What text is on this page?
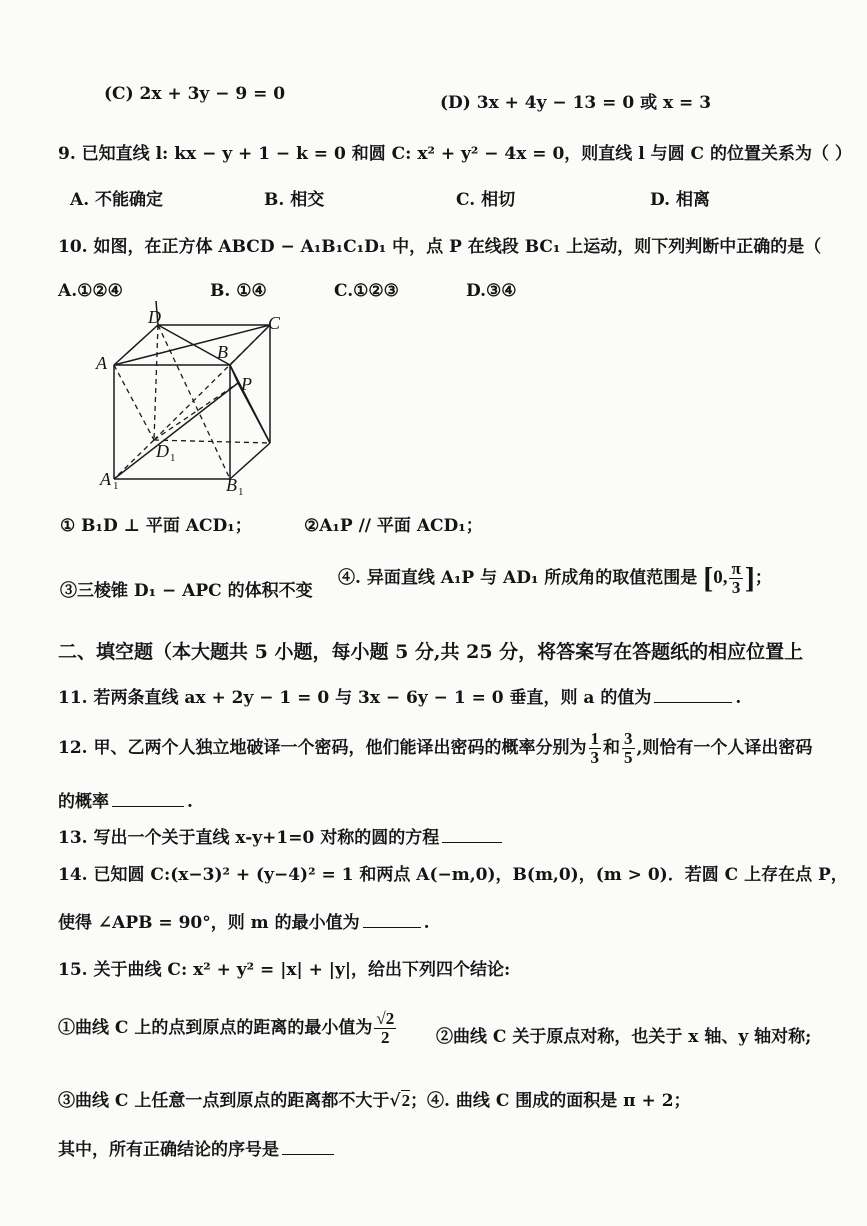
(C) 2x + 3y − 9 = 0	(D) 3x + 4y − 13 = 0 或 x = 3
9. 已知直线 l: kx − y + 1 − k = 0 和圆 C: x² + y² − 4x = 0，则直线 l 与圆 C 的位置关系为（ ）
A. 不能确定	B. 相交	C. 相切	D. 相离
10. 如图，在正方体 ABCD − A₁B₁C₁D₁ 中，点 P 在线段 BC₁ 上运动，则下列判断中正确的是（
A.①②④	B. ①④	C.①②③	D.③④
D	C
A
B
P
D 1
A 1	B 1
① B₁D ⊥ 平面 ACD₁；	②A₁P // 平面 ACD₁；
③三棱锥 D₁ − APC 的体积不变
④. 异面直线 A₁P 与 AD₁ 所成角的取值范围是 [0, $\frac{\pi}{3}$ ]；
二、填空题（本大题共 5 小题，每小题 5 分,共 25 分，将答案写在答题纸的相应位置上
11. 若两条直线 ax + 2y − 1 = 0 与 3x − 6y − 1 = 0 垂直，则 a 的值为	.
12. 甲、乙两个人独立地破译一个密码，他们能译出密码的概率分别为 $\frac{1}{3}$ 和 $\frac{3}{5}$ ,则恰有一个人译出密码
的概率	.
13. 写出一个关于直线 x-y+1=0 对称的圆的方程
14. 已知圆 C:(x−3)² + (y−4)² = 1 和两点 A(−m,0)，B(m,0)，(m > 0)．若圆 C 上存在点 P，
使得 ∠APB = 90°，则 m 的最小值为	.
15. 关于曲线 C: x² + y² = |x| + |y|，给出下列四个结论:
①曲线 C 上的点到原点的距离的最小值为 $\frac{√2}{2}$ ②曲线 C 关于原点对称，也关于 x 轴、y 轴对称;
③曲线 C 上任意一点到原点的距离都不大于√2；④. 曲线 C 围成的面积是 π + 2；
其中，所有正确结论的序号是
